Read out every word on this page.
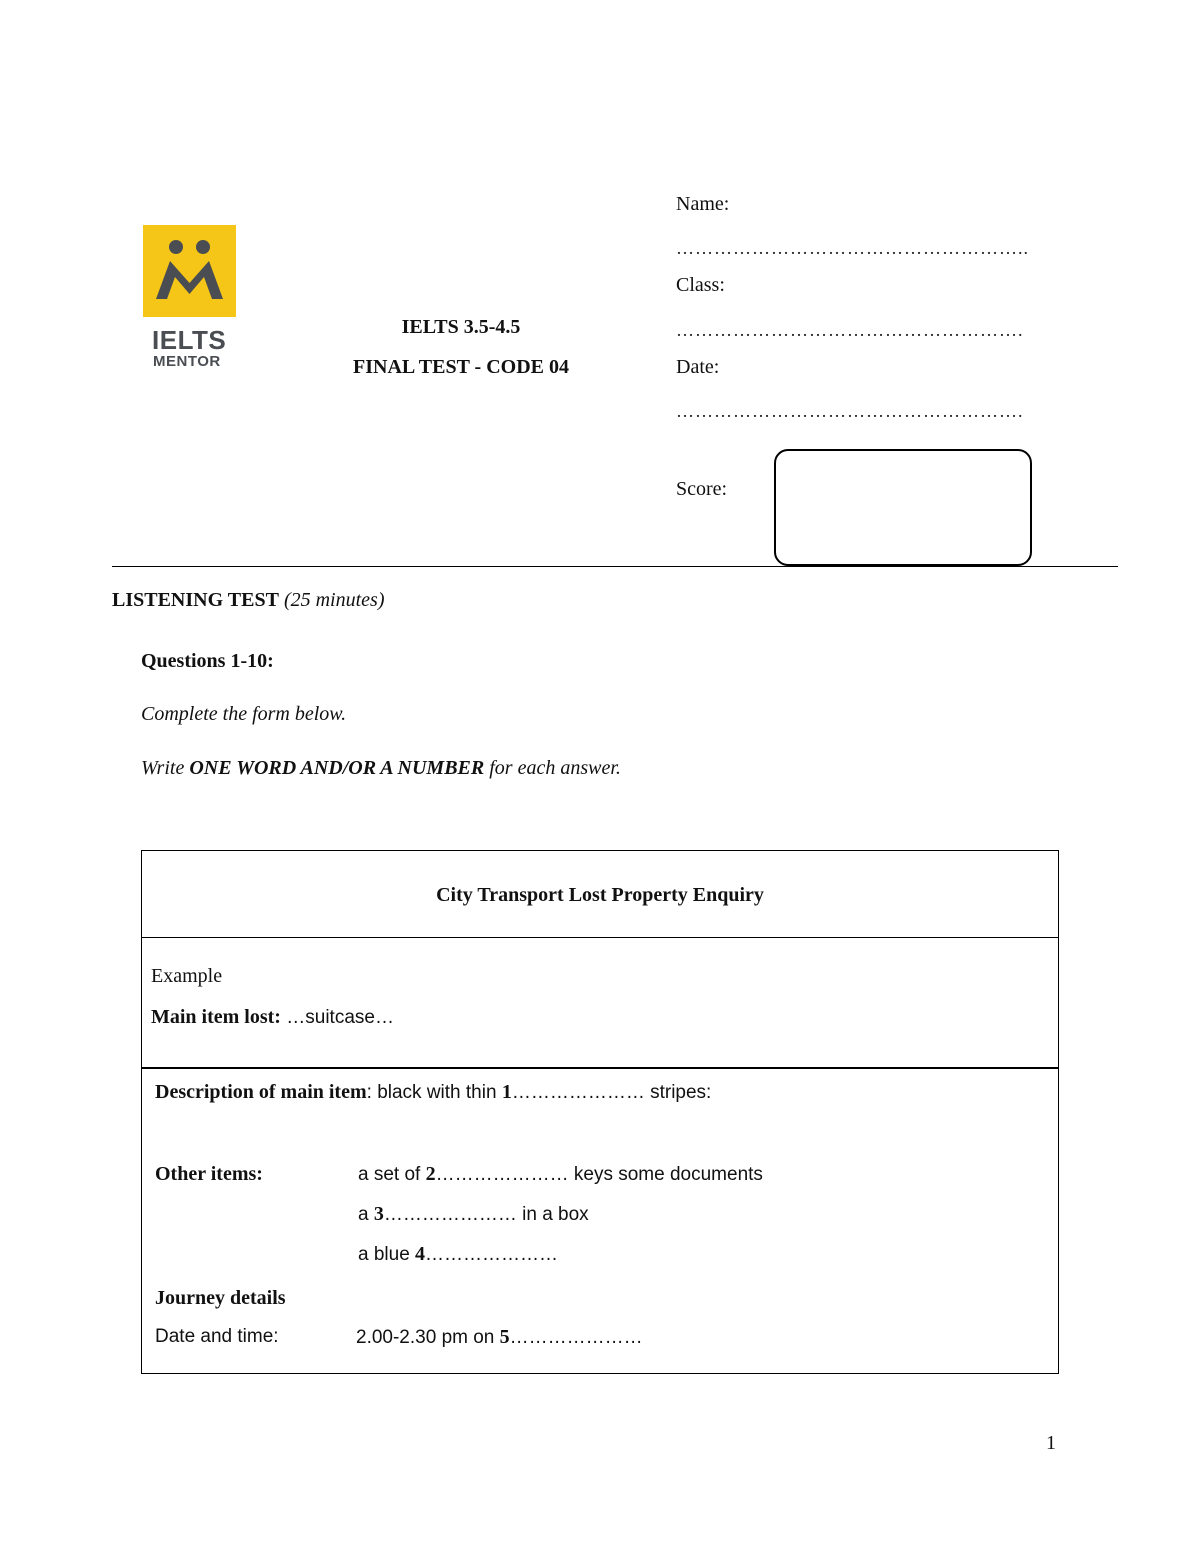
IELTS
MENTOR
IELTS 3.5-4.5
FINAL TEST - CODE 04
Name:
………………………………………………..
Class:
……………………………………………….
Date:
……………………………………………….
Score:
LISTENING TEST (25 minutes)
Questions 1-10:
Complete the form below.
Write ONE WORD AND/OR A NUMBER for each answer.
City Transport Lost Property Enquiry
Example
Main item lost: …suitcase…
Description of main item: black with thin 1………………… stripes:
Other items:	a set of 2………………… keys some documents
a 3………………… in a box
a blue 4…………………
Journey details
Date and time:	2.00-2.30 pm on 5…………………
1
